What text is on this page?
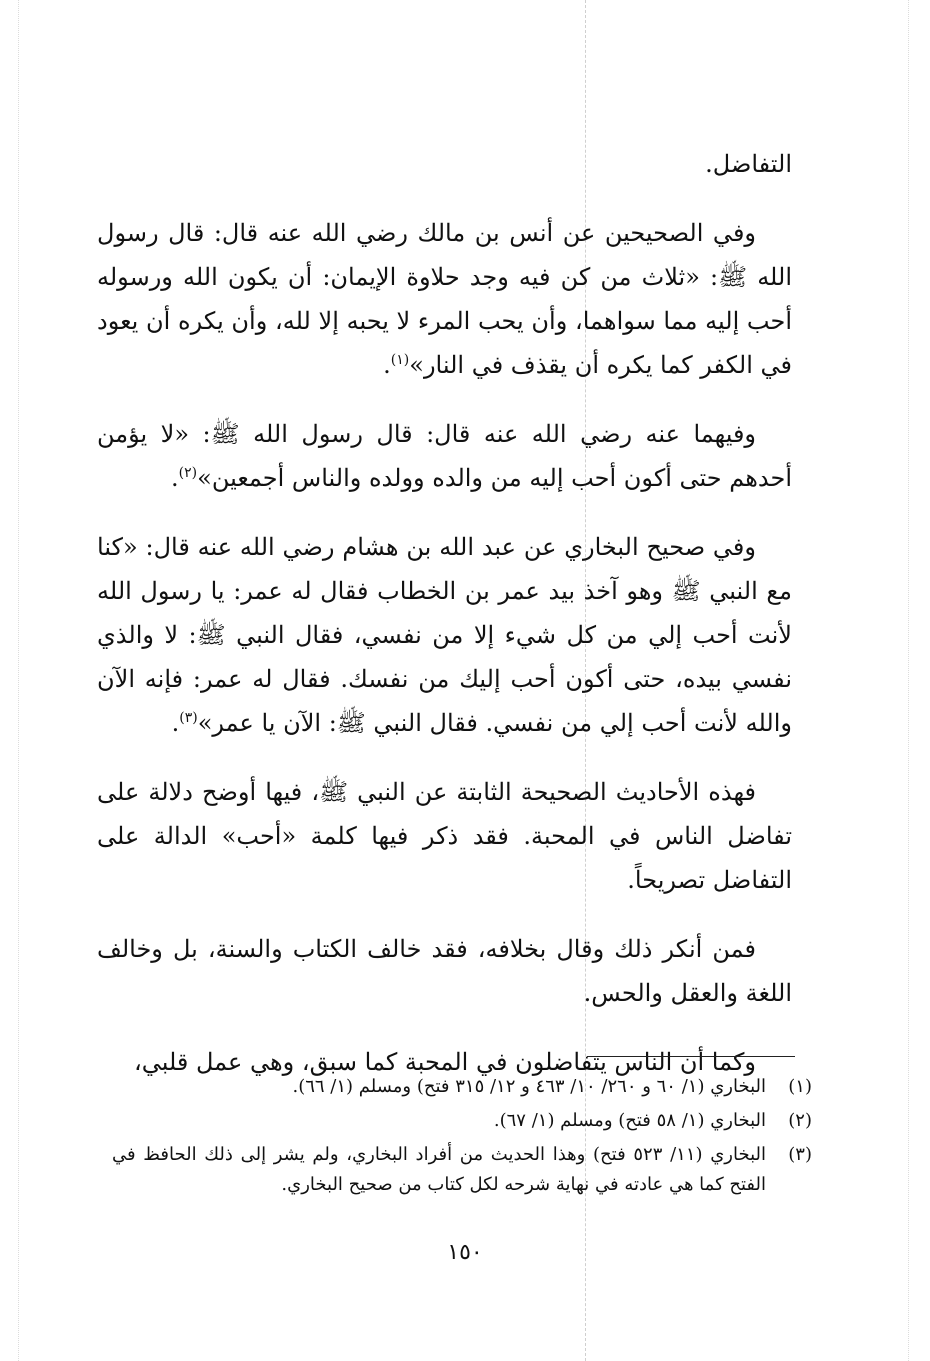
التفاضل.

وفي الصحيحين عن أنس بن مالك رضي الله عنه قال: قال رسول الله ﷺ: «ثلاث من كن فيه وجد حلاوة الإيمان: أن يكون الله ورسوله أحب إليه مما سواهما، وأن يحب المرء لا يحبه إلا لله، وأن يكره أن يعود في الكفر كما يكره أن يقذف في النار»$^{(١)}$.

وفيهما عنه رضي الله عنه قال: قال رسول الله ﷺ: «لا يؤمن أحدهم حتى أكون أحب إليه من والده وولده والناس أجمعين»$^{(٢)}$.

وفي صحيح البخاري عن عبد الله بن هشام رضي الله عنه قال: «كنا مع النبي ﷺ وهو آخذ بيد عمر بن الخطاب فقال له عمر: يا رسول الله لأنت أحب إلي من كل شيء إلا من نفسي، فقال النبي ﷺ: لا والذي نفسي بيده، حتى أكون أحب إليك من نفسك. فقال له عمر: فإنه الآن والله لأنت أحب إلي من نفسي. فقال النبي ﷺ: الآن يا عمر»$^{(٣)}$.

فهذه الأحاديث الصحيحة الثابتة عن النبي ﷺ، فيها أوضح دلالة على تفاضل الناس في المحبة. فقد ذكر فيها كلمة «أحب» الدالة على التفاضل تصريحاً.

فمن أنكر ذلك وقال بخلافه، فقد خالف الكتاب والسنة، بل وخالف اللغة والعقل والحس.

وكما أن الناس يتفاضلون في المحبة كما سبق، وهي عمل قلبي،

(١)
البخاري (١/ ٦٠ و ٢٦٠/ ١٠/ ٤٦٣ و ١٢/ ٣١٥ فتح) ومسلم (١/ ٦٦).
(٢)
البخاري (١/ ٥٨ فتح) ومسلم (١/ ٦٧).
(٣)
البخاري (١١/ ٥٢٣ فتح) وهذا الحديث من أفراد البخاري، ولم يشر إلى ذلك الحافظ في الفتح كما هي عادته في نهاية شرحه لكل كتاب من صحيح البخاري.
١٥٠
